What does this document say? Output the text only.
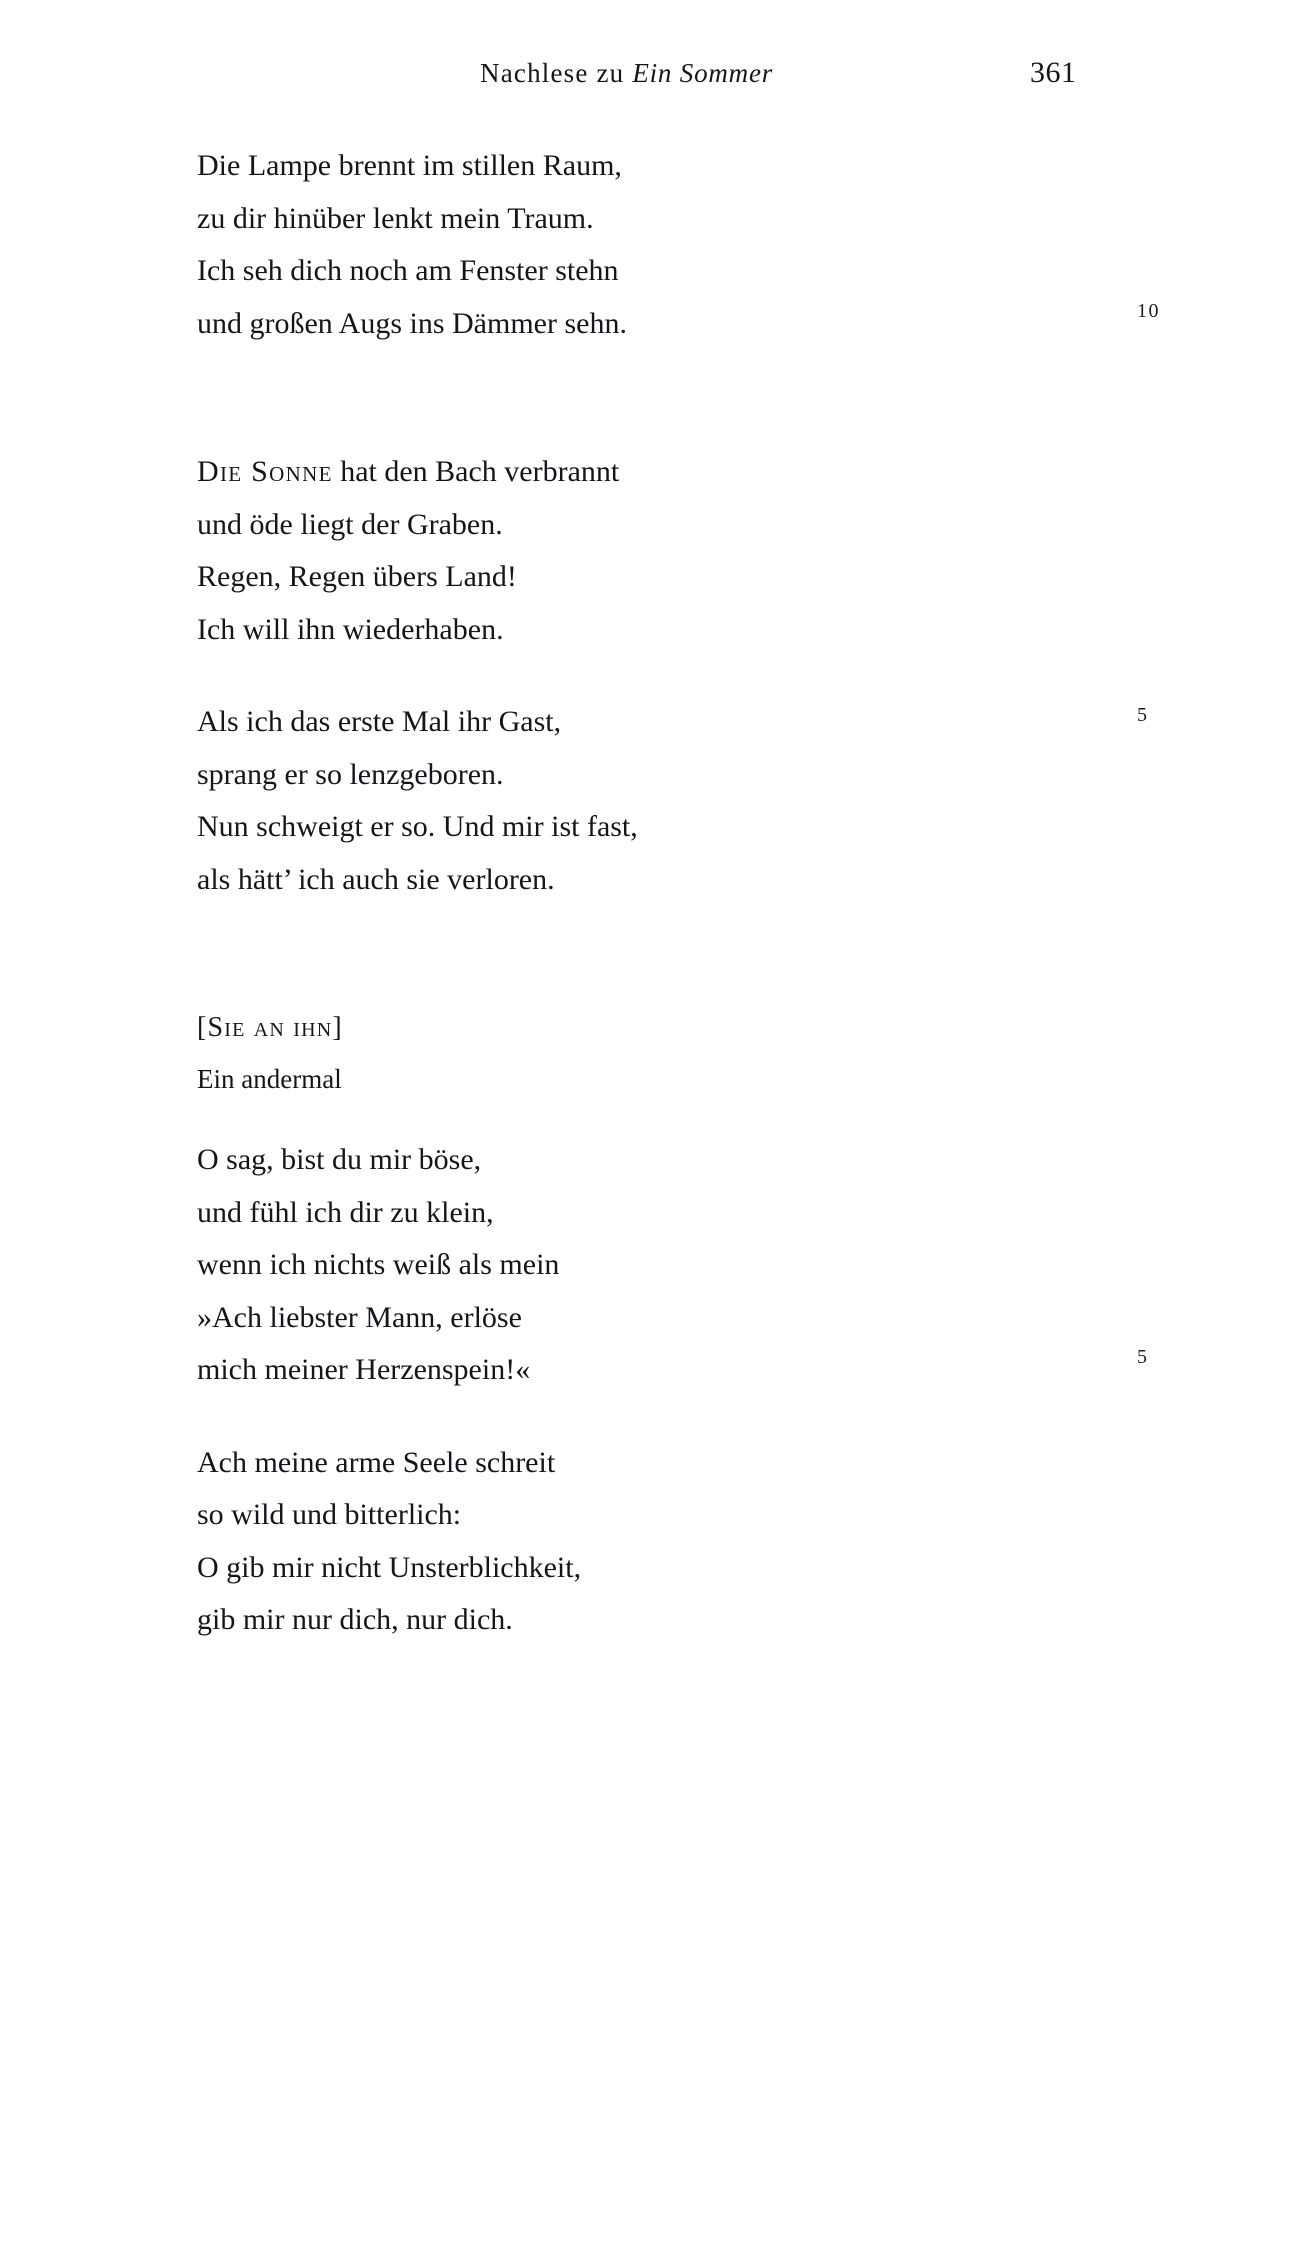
Nachlese zu Ein Sommer	361
Die Lampe brennt im stillen Raum,
zu dir hinüber lenkt mein Traum.
Ich seh dich noch am Fenster stehn
und großen Augs ins Dämmer sehn.	10
Die Sonne hat den Bach verbrannt
und öde liegt der Graben.
Regen, Regen übers Land!
Ich will ihn wiederhaben.
Als ich das erste Mal ihr Gast,
sprang er so lenzgeboren.
Nun schweigt er so. Und mir ist fast,
als hätt’ ich auch sie verloren.
5
[Sie an ihn]
Ein andermal
O sag, bist du mir böse,
und fühl ich dir zu klein,
wenn ich nichts weiß als mein
»Ach liebster Mann, erlöse
mich meiner Herzenspein!«	5
Ach meine arme Seele schreit
so wild und bitterlich:
O gib mir nicht Unsterblichkeit,
gib mir nur dich, nur dich.
